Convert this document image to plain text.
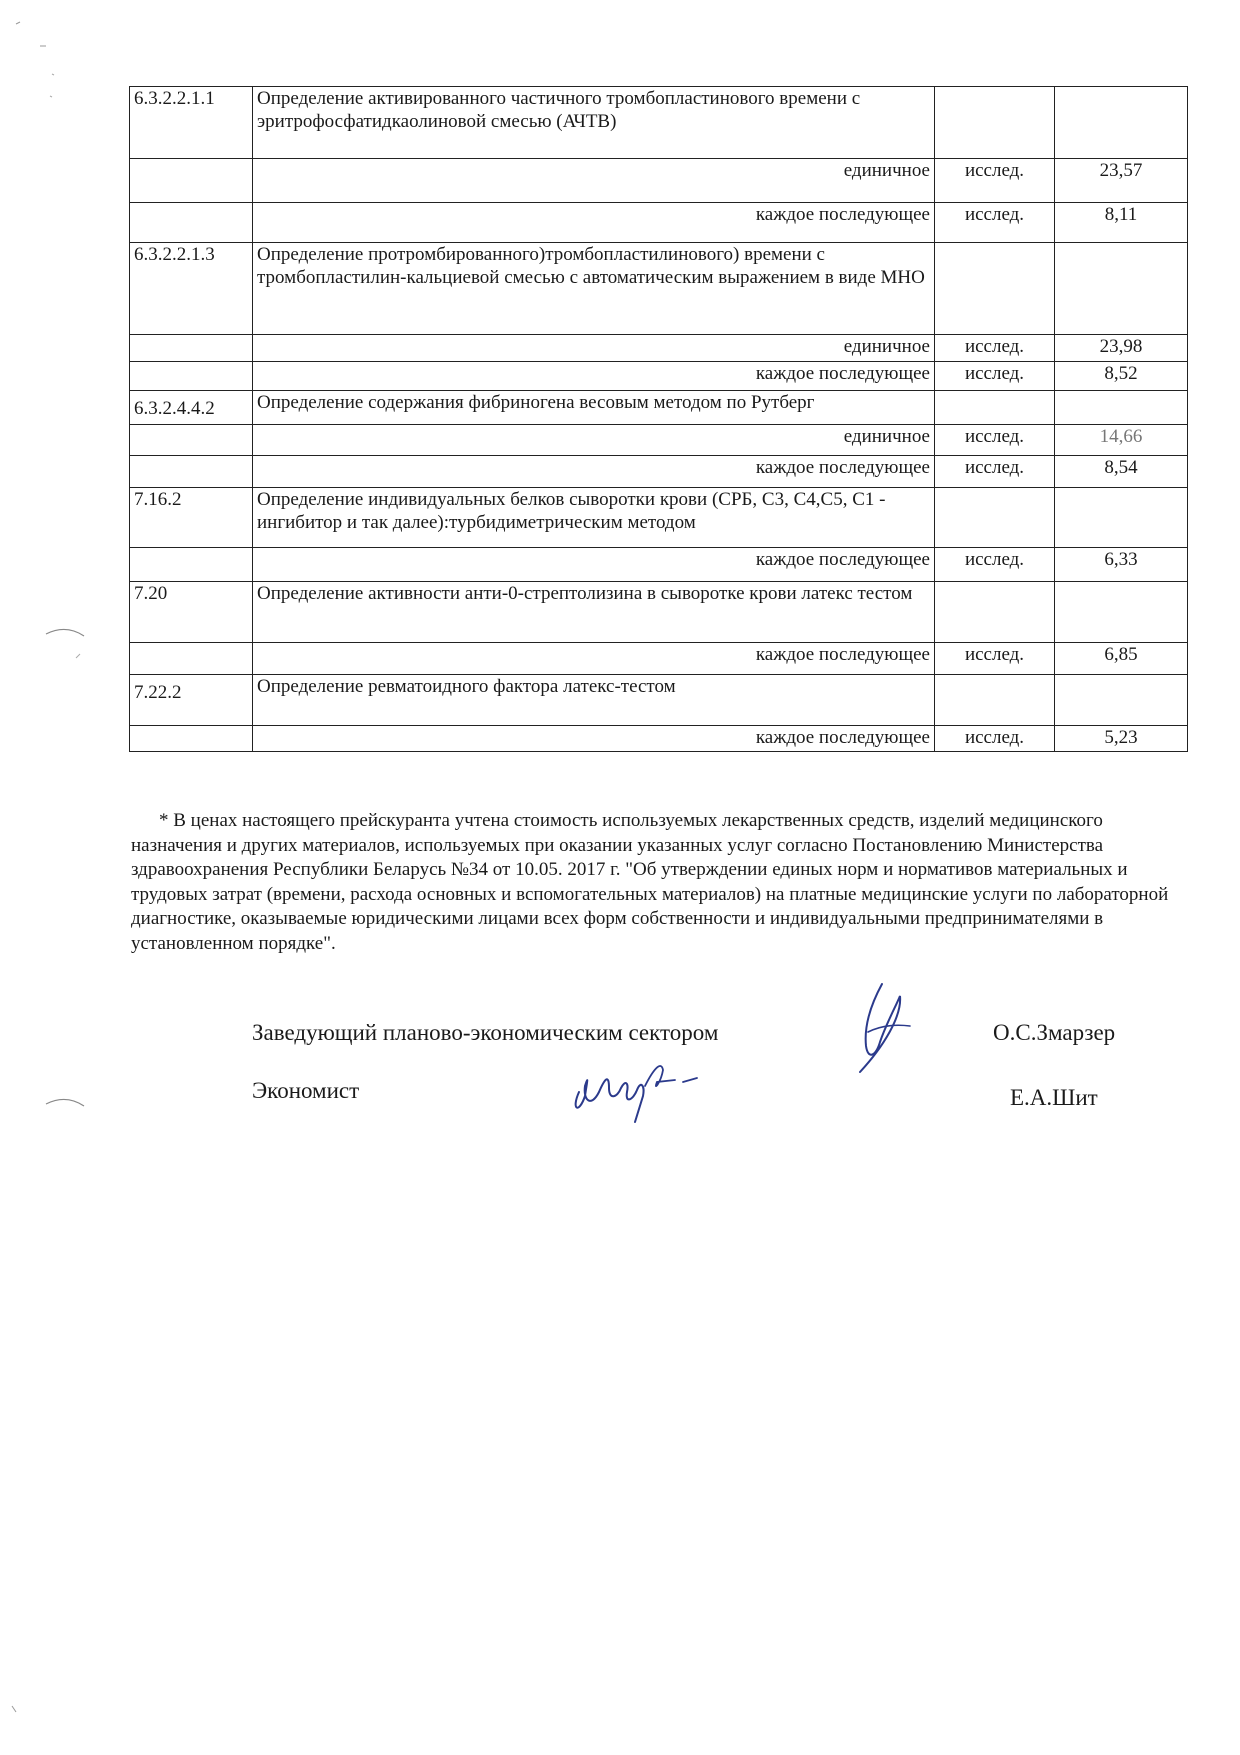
6.3.2.2.1.1	Определение активированного частичного тромбопластинового времени с эритрофосфатидкаолиновой смесью (АЧТВ)		
	единичное	исслед.	23,57
	каждое последующее	исслед.	8,11
6.3.2.2.1.3	Определение протромбированного)тромбопластилинового) времени с тромбопластилин-кальциевой смесью с автоматическим выражением в виде МНО		
	единичное	исслед.	23,98
	каждое последующее	исслед.	8,52
6.3.2.4.4.2	Определение содержания фибриногена весовым методом по Рутберг		
	единичное	исслед.	14,66
	каждое последующее	исслед.	8,54
7.16.2	Определение индивидуальных белков сыворотки крови (СРБ, С3, С4,С5, С1 - ингибитор и так далее):турбидиметрическим методом		
	каждое последующее	исслед.	6,33
7.20	Определение активности анти-0-стрептолизина в сыворотке крови латекс тестом		
	каждое последующее	исслед.	6,85
7.22.2	Определение ревматоидного фактора латекс-тестом		
	каждое последующее	исслед.	5,23

* В ценах настоящего прейскуранта учтена стоимость используемых лекарственных средств, изделий медицинского назначения и других материалов, используемых при оказании указанных услуг согласно Постановлению Министерства здравоохранения Республики Беларусь №34 от 10.05. 2017 г. "Об утверждении единых норм и нормативов материальных и трудовых затрат (времени, расхода основных и вспомогательных материалов) на платные медицинские услуги по лабораторной диагностике, оказываемые юридическими лицами всех форм собственности и индивидуальными предпринимателями в установленном порядке".

Заведующий планово-экономическим сектором	О.С.Змарзер
Экономист	Е.А.Шит
